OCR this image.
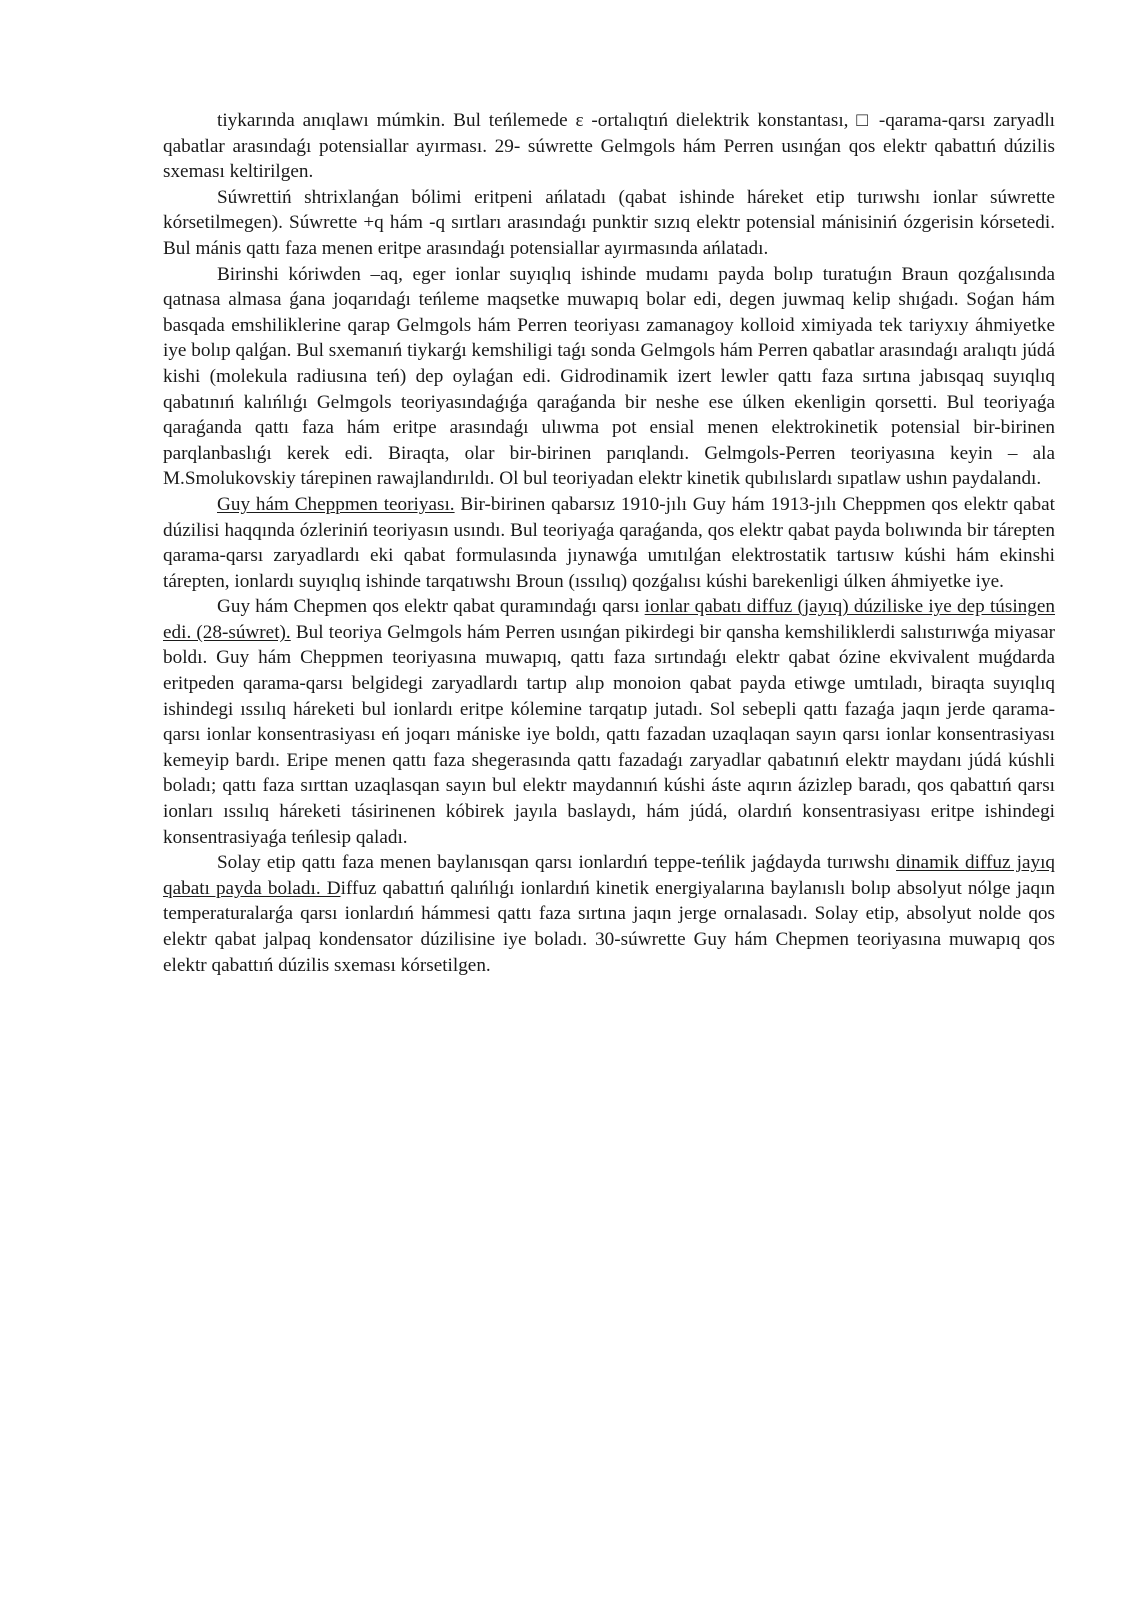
tiykarında anıqlawı múmkin. Bul teńlemede ε -ortalıqtıń dielektrik konstantası, □ -qarama-qarsı zaryadlı qabatlar arasındaǵı potensiallar ayırması. 29- súwrette Gelmgols hám Perren usınǵan qos elektr qabattıń dúzilis sxeması keltirilgen.

Súwrettiń shtrixlanǵan bólimi eritpeni ańlatadı (qabat ishinde háreket etip turıwshı ionlar súwrette kórsetilmegen). Súwrette +q hám -q sırtları arasındaǵı punktir sızıq elektr potensial mánisiniń ózgerisin kórsetedi. Bul mánis qattı faza menen eritpe arasındaǵı potensiallar ayırmasında ańlatadı.

Birinshi kóriwden –aq, eger ionlar suyıqlıq ishinde mudamı payda bolıp turatuǵın Braun qozǵalısında qatnasa almasa ǵana joqarıdaǵı teńleme maqsetke muwapıq bolar edi, degen juwmaq kelip shıǵadı. Soǵan hám basqada emshiliklerine qarap Gelmgols hám Perren teoriyası zamanagoy kolloid ximiyada tek tariyxıy áhmiyetke iye bolıp qalǵan. Bul sxemanıń tiykarǵı kemshiligi taǵı sonda Gelmgols hám Perren qabatlar arasındaǵı aralıqtı júdá kishi (molekula radiusına teń) dep oylaǵan edi. Gidrodinamik izert lewler qattı faza sırtına jabısqaq suyıqlıq qabatınıń kalıńlıǵı Gelmgols teoriyasındaǵıǵa qaraǵanda bir neshe ese úlken ekenligin qorsetti. Bul teoriyaǵa qaraǵanda qattı faza hám eritpe arasındaǵı ulıwma pot ensial menen elektrokinetik potensial bir-birinen parqlanbaslıǵı kerek edi. Biraqta, olar bir-birinen parıqlandı. Gelmgols-Perren teoriyasına keyin – ala M.Smolukovskiy tárepinen rawajlandırıldı. Ol bul teoriyadan elektr kinetik qubılıslardı sıpatlaw ushın paydalandı.

Guy hám Cheppmen teoriyası. Bir-birinen qabarsız 1910-jılı Guy hám 1913-jılı Cheppmen qos elektr qabat dúzilisi haqqında ózleriniń teoriyasın usındı. Bul teoriyaǵa qaraǵanda, qos elektr qabat payda bolıwında bir tárepten qarama-qarsı zaryadlardı eki qabat formulasında jıynawǵa umıtılǵan elektrostatik tartısıw kúshi hám ekinshi tárepten, ionlardı suyıqlıq ishinde tarqatıwshı Broun (ıssılıq) qozǵalısı kúshi barekenligi úlken áhmiyetke iye.

Guy hám Chepmen qos elektr qabat quramındaǵı qarsı ionlar qabatı diffuz (jayıq) dúziliske iye dep túsingen edi. (28-súwret). Bul teoriya Gelmgols hám Perren usınǵan pikirdegi bir qansha kemshiliklerdi salıstırıwǵa miyasar boldı. Guy hám Cheppmen teoriyasına muwapıq, qattı faza sırtındaǵı elektr qabat ózine ekvivalent muǵdarda eritpeden qarama-qarsı belgidegi zaryadlardı tartıp alıp monoion qabat payda etiwge umtıladı, biraqta suyıqlıq ishindegi ıssılıq háreketi bul ionlardı eritpe kólemine tarqatıp jutadı. Sol sebepli qattı fazaǵa jaqın jerde qarama-qarsı ionlar konsentrasiyası eń joqarı mániske iye boldı, qattı fazadan uzaqlaqan sayın qarsı ionlar konsentrasiyası kemeyip bardı. Eripe menen qattı faza shegerasında qattı fazadaǵı zaryadlar qabatınıń elektr maydanı júdá kúshli boladı; qattı faza sırttan uzaqlasqan sayın bul elektr maydannıń kúshi áste aqırın ázizlep baradı, qos qabattıń qarsı ionları ıssılıq háreketi tásirinenen kóbirek jayıla baslaydı, hám júdá, olardıń konsentrasiyası eritpe ishindegi konsentrasiyaǵa teńlesip qaladı.

Solay etip qattı faza menen baylanısqan qarsı ionlardıń teppe-teńlik jaǵdayda turıwshı dinamik diffuz jayıq qabatı payda boladı. Diffuz qabattıń qalıńlıǵı ionlardıń kinetik energiyalarına baylanıslı bolıp absolyut nólge jaqın temperaturalarǵa qarsı ionlardıń hámmesi qattı faza sırtına jaqın jerge ornalasadı. Solay etip, absolyut nolde qos elektr qabat jalpaq kondensator dúzilisine iye boladı. 30-súwrette Guy hám Chepmen teoriyasına muwapıq qos elektr qabattıń dúzilis sxeması kórsetilgen.
